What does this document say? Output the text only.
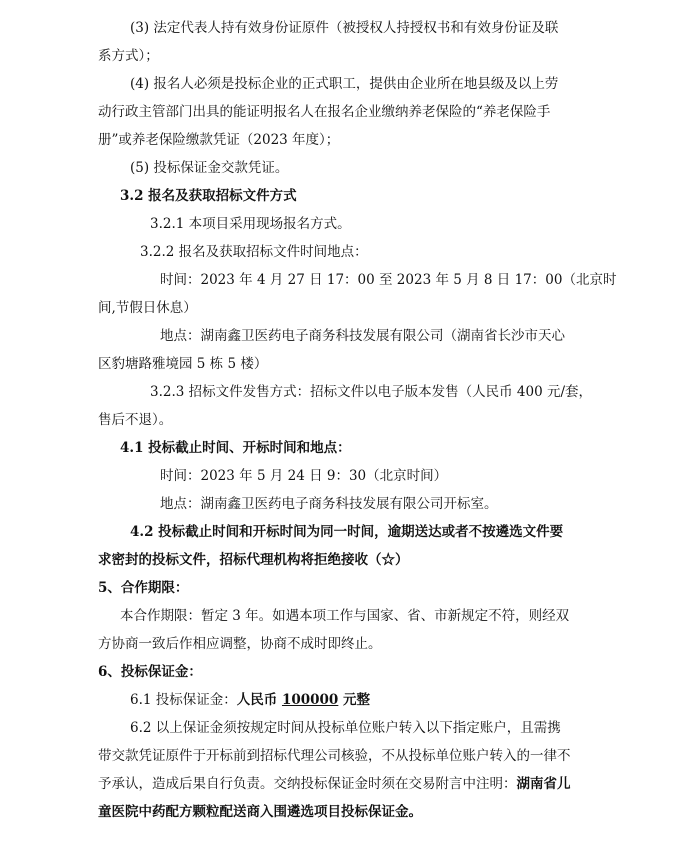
(3) 法定代表人持有效身份证原件（被授权人持授权书和有效身份证及联
系方式）；
(4) 报名人必须是投标企业的正式职工，提供由企业所在地县级及以上劳
动行政主管部门出具的能证明报名人在报名企业缴纳养老保险的“养老保险手
册”或养老保险缴款凭证（2023 年度）；
(5) 投标保证金交款凭证。
3.2 报名及获取招标文件方式
3.2.1 本项目采用现场报名方式。
3.2.2 报名及获取招标文件时间地点：
时间：2023 年 4 月 27 日 17：00 至 2023 年 5 月 8 日 17：00（北京时
间,节假日休息）
地点：湖南鑫卫医药电子商务科技发展有限公司（湖南省长沙市天心
区豹塘路雅境园 5 栋 5 楼）
3.2.3 招标文件发售方式：招标文件以电子版本发售（人民币 400 元/套，
售后不退）。
4.1 投标截止时间、开标时间和地点：
时间：2023 年 5 月 24 日 9：30（北京时间）
地点：湖南鑫卫医药电子商务科技发展有限公司开标室。
4.2 投标截止时间和开标时间为同一时间，逾期送达或者不按遴选文件要
求密封的投标文件，招标代理机构将拒绝接收（☆）
5、合作期限：
本合作期限：暂定 3 年。如遇本项工作与国家、省、市新规定不符，则经双
方协商一致后作相应调整，协商不成时即终止。
6、投标保证金：
6.1 投标保证金：人民币 100000 元整
6.2 以上保证金须按规定时间从投标单位账户转入以下指定账户，且需携
带交款凭证原件于开标前到招标代理公司核验，不从投标单位账户转入的一律不
予承认，造成后果自行负责。交纳投标保证金时须在交易附言中注明：湖南省儿
童医院中药配方颗粒配送商入围遴选项目投标保证金。
